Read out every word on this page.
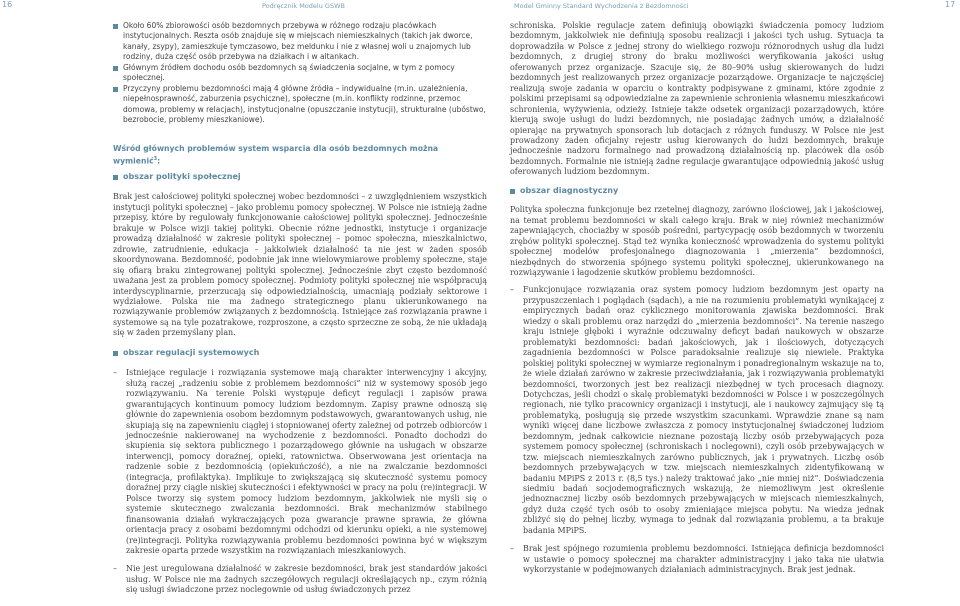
16	Podręcznik Modelu GSWB	Model Gminny Standard Wychodzenia z Bezdomności	17
Około 60% zbiorowości osób bezdomnych przebywa w różnego rodzaju placówkach instytucjonalnych. Reszta osób znajduje się w miejscach niemieszkalnych (takich jak dworce, kanały, zsypy), zamieszkuje tymczasowo, bez meldunku i nie z własnej woli u znajomych lub rodziny, duża część osób przebywa na działkach i w altankach.
Głównym źródłem dochodu osób bezdomnych są świadczenia socjalne, w tym z pomocy społecznej.
Przyczyny problemu bezdomności mają 4 główne źródła – indywidualne (m.in. uzależnienia, niepełnosprawność, zaburzenia psychiczne), społeczne (m.in. konflikty rodzinne, przemoc domowa, problemy w relacjach), instytucjonalne (opuszczanie instytucji), strukturalne (ubóstwo, bezrobocie, problemy mieszkaniowe).
Wśród głównych problemów system wsparcia dla osób bezdomnych można wymienić$^3$:
obszar polityki społecznej
Brak jest całościowej polityki społecznej wobec bezdomności – z uwzględnieniem wszystkich instytucji polityki społecznej – jako problemu pomocy społecznej. W Polsce nie istnieją żadne przepisy, które by regulowały funkcjonowanie całościowej polityki społecznej. Jednocześnie brakuje w Polsce wizji takiej polityki. Obecnie różne jednostki, instytucje i organizacje prowadzą działalność w zakresie polityki społecznej – pomoc społeczna, mieszkalnictwo, zdrowie, zatrudnienie, edukacja – jakkolwiek działalność ta nie jest w żaden sposób skoordynowana. Bezdomność, podobnie jak inne wielowymiarowe problemy społeczne, staje się ofiarą braku zintegrowanej polityki społecznej. Jednocześnie zbyt często bezdomność uważana jest za problem pomocy społecznej. Podmioty polityki społecznej nie współpracują interdyscyplinarnie, przerzucają się odpowiedzialnością, umacniają podziały sektorowe i wydziałowe. Polska nie ma żadnego strategicznego planu ukierunkowanego na rozwiązywanie problemów związanych z bezdomnością. Istniejące zaś rozwiązania prawne i systemowe są na tyle pozatrakowe, rozproszone, a często sprzeczne ze sobą, że nie układają się w żaden przemyślany plan.
obszar regulacji systemowych
– Istniejące regulacje i rozwiązania systemowe mają charakter interwencyjny i akcyjny, służą raczej „radzeniu sobie z problemem bezdomności” niż w systemowy sposób jego rozwiązywaniu. Na terenie Polski występuje deficyt regulacji i zapisów prawa gwarantujących kontinuum pomocy ludziom bezdomnym. Zapisy prawne odnoszą się głównie do zapewnienia osobom bezdomnym podstawowych, gwarantowanych usług, nie skupiają się na zapewnieniu ciągłej i stopniowanej oferty zależnej od potrzeb odbiorców i jednocześnie nakierowanej na wychodzenie z bezdomności. Ponadto dochodzi do skupienia się sektora publicznego i pozarządowego głównie na usługach w obszarze interwencji, pomocy doraźnej, opieki, ratownictwa. Obserwowana jest orientacja na radzenie sobie z bezdomnością (opiekuńczość), a nie na zwalczanie bezdomności (integracja, profilaktyka). Implikuje to zwiększającą się skuteczność systemu pomocy doraźnej przy ciągle niskiej skuteczności i efektywności w pracy na polu (re)integracji. W Polsce tworzy się system pomocy ludziom bezdomnym, jakkolwiek nie myśli się o systemie skutecznego zwalczania bezdomności. Brak mechanizmów stabilnego finansowania działań wykraczających poza gwarancje prawne sprawia, że główna orientacja pracy z osobami bezdomnymi odchodzi od kierunku opieki, a nie systemowej (re)integracji. Polityka rozwiązywania problemu bezdomności powinna być w większym zakresie oparta przede wszystkim na rozwiązaniach mieszkaniowych.
– Nie jest uregulowana działalność w zakresie bezdomności, brak jest standardów jakości usług. W Polsce nie ma żadnych szczegółowych regulacji określających np., czym różnią się usługi świadczone przez noclegownie od usług świadczonych przez
schroniska. Polskie regulacje zatem definiują obowiązki świadczenia pomocy ludziom bezdomnym, jakkolwiek nie definiują sposobu realizacji i jakości tych usług. Sytuacja ta doprowadziła w Polsce z jednej strony do wielkiego rozwoju różnorodnych usług dla ludzi bezdomnych, z drugiej strony do braku możliwości weryfikowania jakości usług oferowanych przez organizacje. Szacuje się, że 80–90% usług skierowanych do ludzi bezdomnych jest realizowanych przez organizacje pozarządowe. Organizacje te najczęściej realizują swoje zadania w oparciu o kontrakty podpisywane z gminami, które zgodnie z polskimi przepisami są odpowiedzialne za zapewnienie schronienia własnemu mieszkańcowi schronienia, wyżywienia, odzieży. Istnieje także odsetek organizacji pozarządowych, które kierują swoje usługi do ludzi bezdomnych, nie posiadając żadnych umów, a działalność opierając na prywatnych sponsorach lub dotacjach z różnych funduszy. W Polsce nie jest prowadzony żaden oficjalny rejestr usług kierowanych do ludzi bezdomnych, brakuje jednocześnie nadzoru formalnego nad prowadzoną działalnością np. placówek dla osób bezdomnych. Formalnie nie istnieją żadne regulacje gwarantujące odpowiednią jakość usług oferowanych ludziom bezdomnym.
obszar diagnostyczny
Polityka społeczna funkcjonuje bez rzetelnej diagnozy, zarówno ilościowej, jak i jakościowej, na temat problemu bezdomności w skali całego kraju. Brak w niej również mechanizmów zapewniających, chociażby w sposób pośredni, partycypację osób bezdomnych w tworzeniu zrębów polityki społecznej. Stąd też wynika konieczność wprowadzenia do systemu polityki społecznej modelów profesjonalnego diagnozowania i „mierzenia” bezdomności, niezbędnych do stworzenia spójnego systemu polityki społecznej, ukierunkowanego na rozwiązywanie i łagodzenie skutków problemu bezdomności.
– Funkcjonujące rozwiązania oraz system pomocy ludziom bezdomnym jest oparty na przypuszczeniach i poglądach (sądach), a nie na rozumieniu problematyki wynikającej z empirycznych badań oraz cyklicznego monitorowania zjawiska bezdomności. Brak wiedzy o skali problemu oraz narzędzi do „mierzenia bezdomności”. Na terenie naszego kraju istnieje głęboki i wyraźnie odczuwalny deficyt badań naukowych w obszarze problematyki bezdomności: badań jakościowych, jak i ilościowych, dotyczących zagadnienia bezdomności w Polsce paradoksalnie realizuje się niewiele. Praktyka polskiej polityki społecznej w wymiarze regionalnym i ponadregionalnym wskazuje na to, że wiele działań zarówno w zakresie przeciwdziałania, jak i rozwiązywania problematyki bezdomności, tworzonych jest bez realizacji niezbędnej w tych procesach diagnozy. Dotychczas, jeśli chodzi o skalę problematyki bezdomności w Polsce i w poszczególnych regionach, nie tylko pracownicy organizacji i instytucji, ale i naukowcy zajmujący się tą problematyką, posługują się przede wszystkim szacunkami. Wprawdzie znane są nam wyniki więcej dane liczbowe zwłaszcza z pomocy instytucjonalnej świadczonej ludziom bezdomnym, jednak całkowicie nieznane pozostają liczby osób przebywających poza systemem pomocy społecznej (schroniskach i noclegowni), czyli osób przebywających w tzw. miejscach niemieszkalnych zarówno publicznych, jak i prywatnych. Liczbę osób bezdomnych przebywających w tzw. miejscach niemieszkalnych zidentyfikowaną w badaniu MPiPS z 2013 r. (8,5 tys.) należy traktować jako „nie mniej niż”. Doświadczenia siedmiu badań socjodemograficznych wskazują, że niemożliwym jest określenie jednoznacznej liczby osób bezdomnych przebywających w miejscach niemieszkalnych, gdyż duża część tych osób to osoby zmieniające miejsca pobytu. Na wiedza jednak zbliżyć się do pełnej liczby, wymaga to jednak dal rozwiązania problemu, a ta brakuje badania MPiPS.
– Brak jest spójnego rozumienia problemu bezdomności. Istniejąca definicja bezdomności w ustawie o pomocy społecznej ma charakter administracyjny i jako taka nie ułatwia wykorzystanie w podejmowanych działaniach administracyjnych. Brak jest jednak.
